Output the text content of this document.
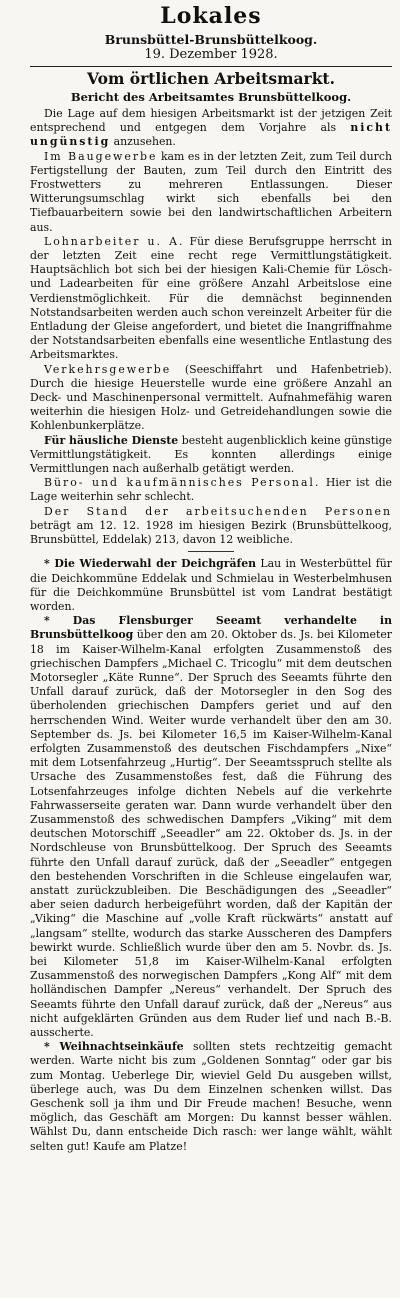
Lokales
Brunsbüttel-Brunsbüttelkoog.
19. Dezember 1928.
Vom örtlichen Arbeitsmarkt.
Bericht des Arbeitsamtes Brunsbüttelkoog.

Die Lage auf dem hiesigen Arbeitsmarkt ist der jetzigen Zeit entsprechend und entgegen dem Vorjahre als nicht ungünstig anzusehen.

Im Baugewerbe kam es in der letzten Zeit, zum Teil durch Fertigstellung der Bauten, zum Teil durch den Eintritt des Frostwetters zu mehreren Entlassungen. Dieser Witterungsumschlag wirkt sich ebenfalls bei den Tiefbauarbeitern sowie bei den landwirtschaftlichen Arbeitern aus.

Lohnarbeiter u. A. Für diese Berufsgruppe herrscht in der letzten Zeit eine recht rege Vermittlungstätigkeit. Hauptsächlich bot sich bei der hiesigen Kali-Chemie für Lösch- und Ladearbeiten für eine größere Anzahl Arbeitslose eine Verdienstmöglichkeit. Für die demnächst beginnenden Notstandsarbeiten werden auch schon vereinzelt Arbeiter für die Entladung der Gleise angefordert, und bietet die Inangriffnahme der Notstandsarbeiten ebenfalls eine wesentliche Entlastung des Arbeitsmarktes.

Verkehrsgewerbe (Seeschiffahrt und Hafenbetrieb). Durch die hiesige Heuerstelle wurde eine größere Anzahl an Deck- und Maschinenpersonal vermittelt. Aufnahmefähig waren weiterhin die hiesigen Holz- und Getreidehandlungen sowie die Kohlenbunkerplätze.

Für häusliche Dienste besteht augenblicklich keine günstige Vermittlungstätigkeit. Es konnten allerdings einige Vermittlungen nach außerhalb getätigt werden.

Büro- und kaufmännisches Personal. Hier ist die Lage weiterhin sehr schlecht.

Der Stand der arbeitsuchenden Personen beträgt am 12. 12. 1928 im hiesigen Bezirk (Brunsbüttelkoog, Brunsbüttel, Eddelak) 213, davon 12 weibliche.

* Die Wiederwahl der Deichgräfen Lau in Westerbüttel für die Deichkommüne Eddelak und Schmielau in Westerbelmhusen für die Deichkommüne Brunsbüttel ist vom Landrat bestätigt worden.

* Das Flensburger Seeamt verhandelte in Brunsbüttelkoog über den am 20. Oktober ds. Js. bei Kilometer 18 im Kaiser-Wilhelm-Kanal erfolgten Zusammenstoß des griechischen Dampfers „Michael C. Tricoglu“ mit dem deutschen Motorsegler „Käte Runne“. Der Spruch des Seeamts führte den Unfall darauf zurück, daß der Motorsegler in den Sog des überholenden griechischen Dampfers geriet und auf den herrschenden Wind. Weiter wurde verhandelt über den am 30. September ds. Js. bei Kilometer 16,5 im Kaiser-Wilhelm-Kanal erfolgten Zusammenstoß des deutschen Fischdampfers „Nixe“ mit dem Lotsenfahrzeug „Hurtig“. Der Seeamtsspruch stellte als Ursache des Zusammenstoßes fest, daß die Führung des Lotsenfahrzeuges infolge dichten Nebels auf die verkehrte Fahrwasserseite geraten war. Dann wurde verhandelt über den Zusammenstoß des schwedischen Dampfers „Viking“ mit dem deutschen Motorschiff „Seeadler“ am 22. Oktober ds. Js. in der Nordschleuse von Brunsbüttelkoog. Der Spruch des Seeamts führte den Unfall darauf zurück, daß der „Seeadler“ entgegen den bestehenden Vorschriften in die Schleuse eingelaufen war, anstatt zurückzubleiben. Die Beschädigungen des „Seeadler“ aber seien dadurch herbeigeführt worden, daß der Kapitän der „Viking“ die Maschine auf „volle Kraft rückwärts“ anstatt auf „langsam“ stellte, wodurch das starke Ausscheren des Dampfers bewirkt wurde. Schließlich wurde über den am 5. Novbr. ds. Js. bei Kilometer 51,8 im Kaiser-Wilhelm-Kanal erfolgten Zusammenstoß des norwegischen Dampfers „Kong Alf“ mit dem holländischen Dampfer „Nereus“ verhandelt. Der Spruch des Seeamts führte den Unfall darauf zurück, daß der „Nereus“ aus nicht aufgeklärten Gründen aus dem Ruder lief und nach B.-B. ausscherte.

* Weihnachtseinkäufe sollten stets rechtzeitig gemacht werden. Warte nicht bis zum „Goldenen Sonntag“ oder gar bis zum Montag. Ueberlege Dir, wieviel Geld Du ausgeben willst, überlege auch, was Du dem Einzelnen schenken willst. Das Geschenk soll ja ihm und Dir Freude machen! Besuche, wenn möglich, das Geschäft am Morgen: Du kannst besser wählen. Wählst Du, dann entscheide Dich rasch: wer lange wählt, wählt selten gut! Kaufe am Platze!
